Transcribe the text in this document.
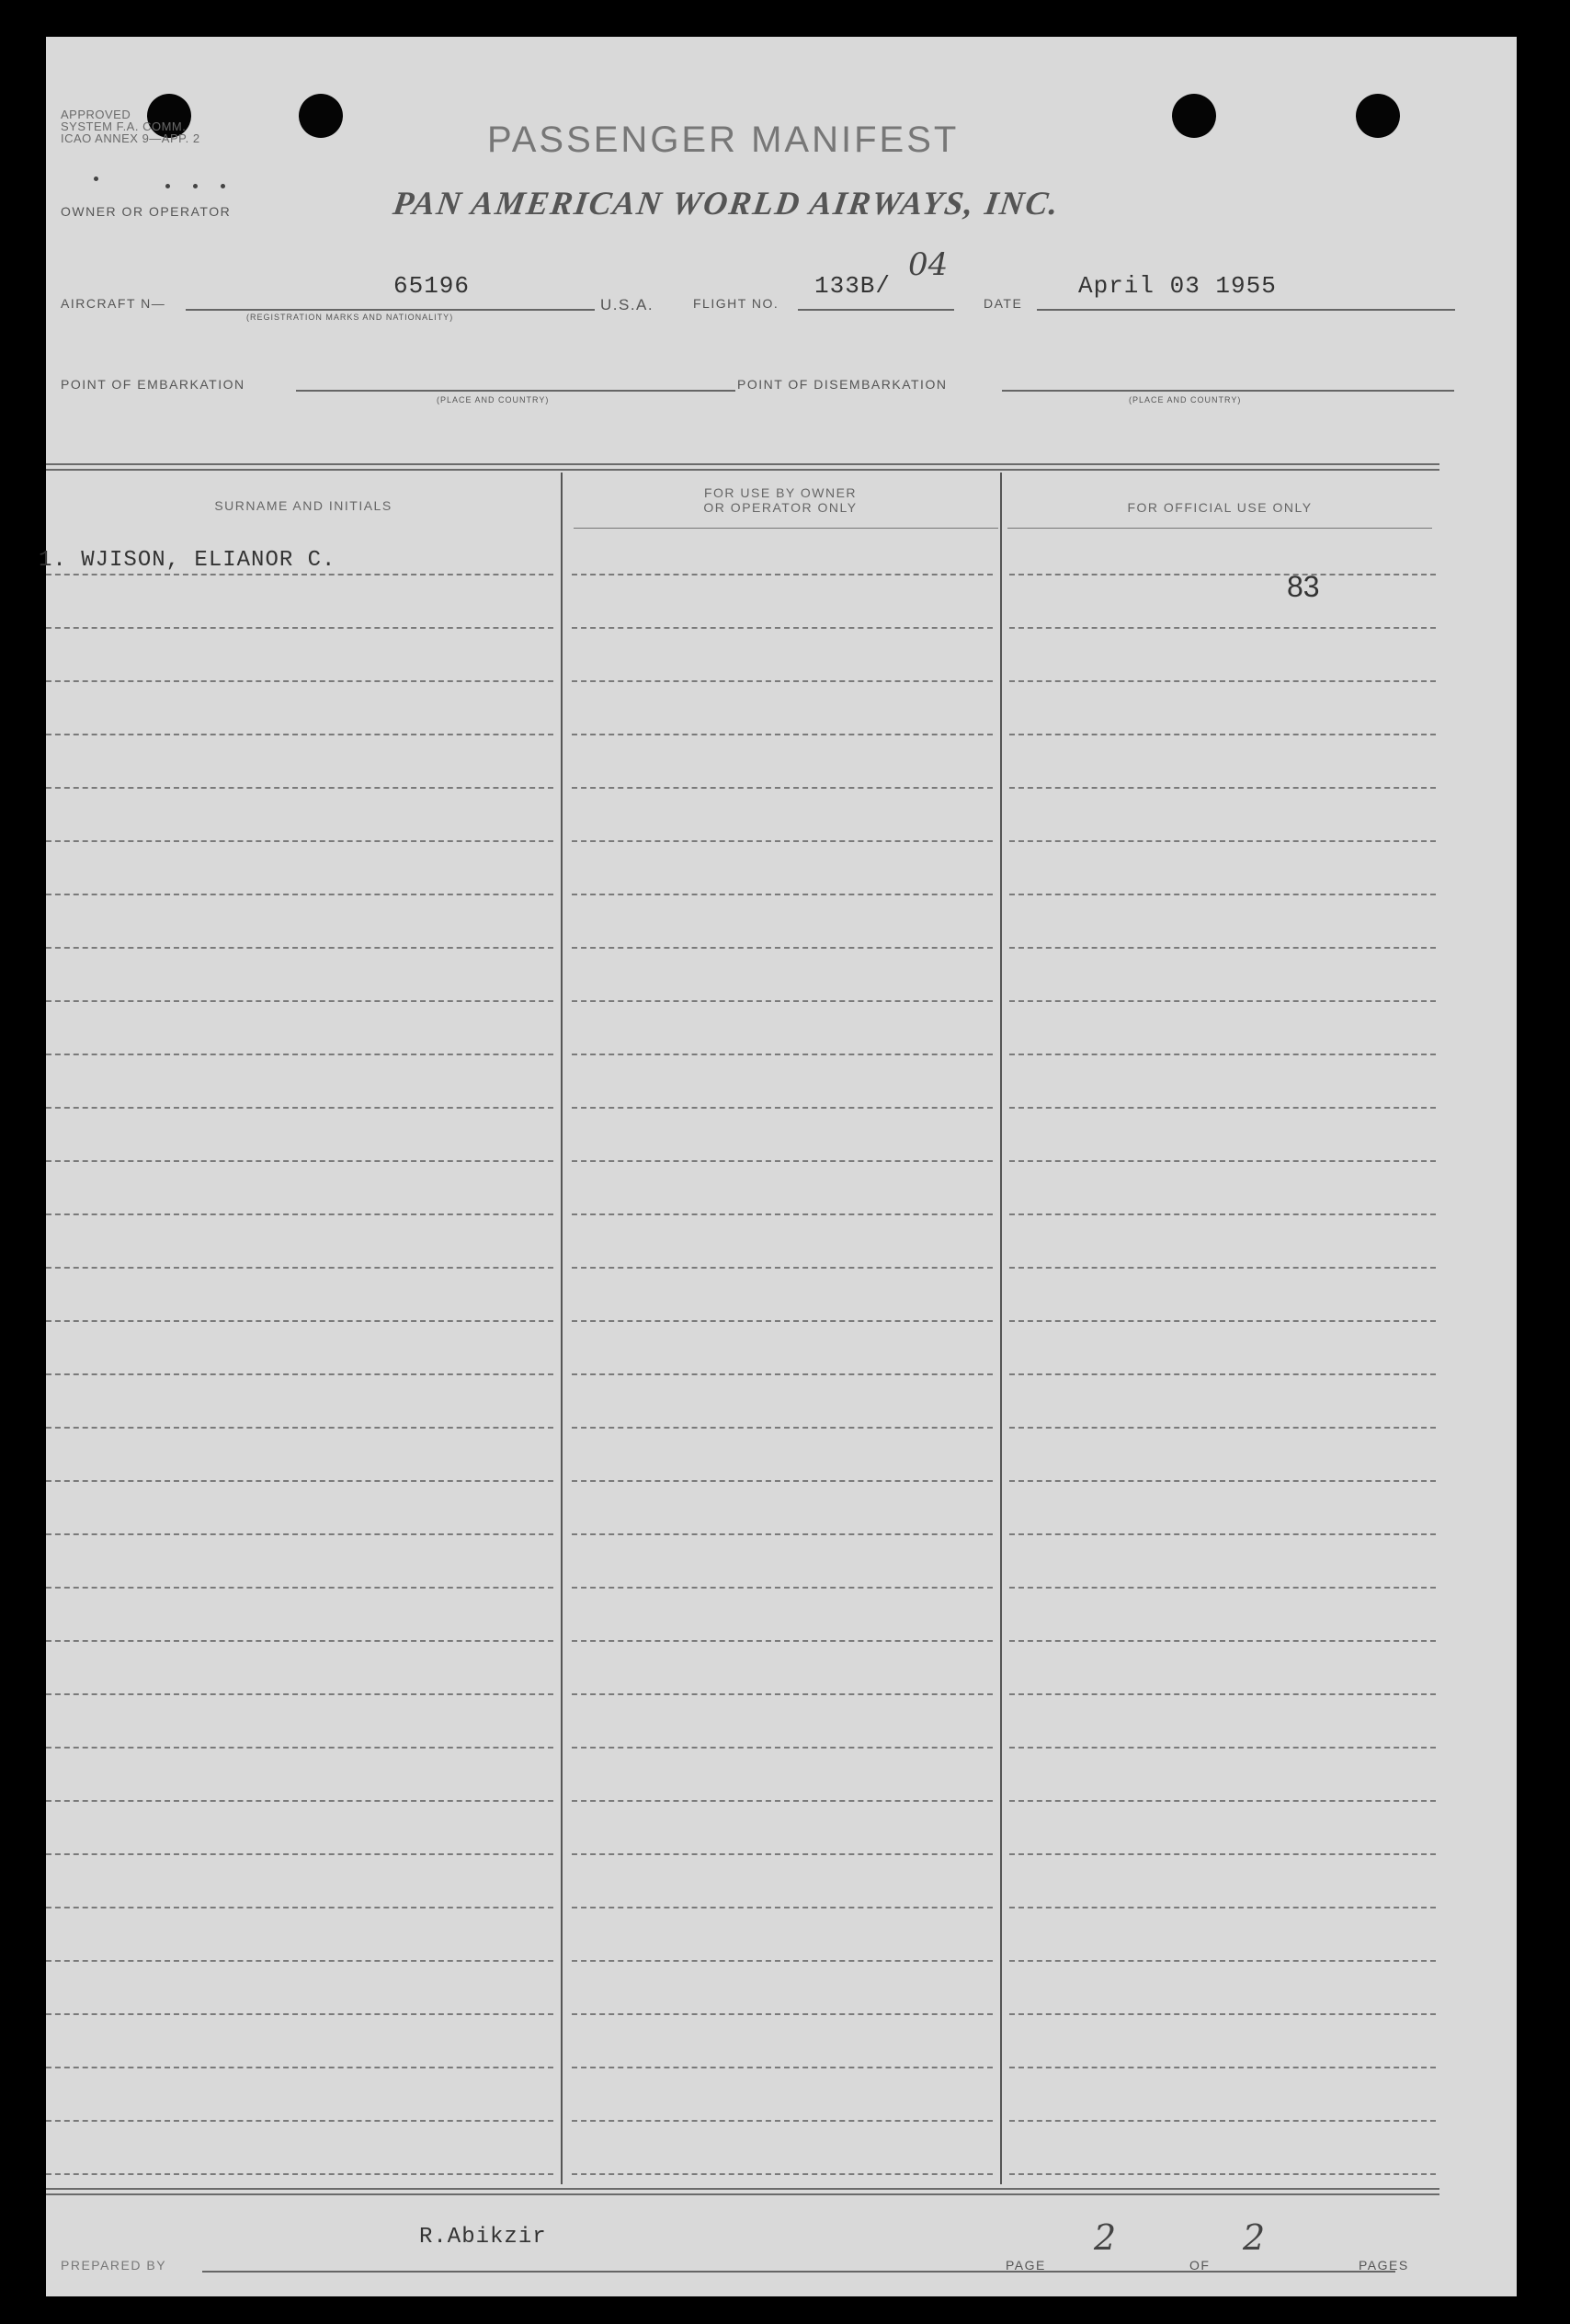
APPROVED
SYSTEM F.A. COMM.
ICAO ANNEX 9—APP. 2
OWNER OR OPERATOR
PASSENGER MANIFEST
PAN AMERICAN WORLD AIRWAYS, INC.
AIRCRAFT N—
65196
(REGISTRATION MARKS AND NATIONALITY)
U.S.A.	FLIGHT NO.
133B/
04
DATE
April 03 1955
POINT OF EMBARKATION
(PLACE AND COUNTRY)
POINT OF DISEMBARKATION
(PLACE AND COUNTRY)
SURNAME AND INITIALS
FOR USE BY OWNER
OR OPERATOR ONLY	FOR OFFICIAL USE ONLY
1. WJISON, ELIANOR C.
83
PREPARED BY
R.Abikzir
PAGE
2
OF
2
PAGES
